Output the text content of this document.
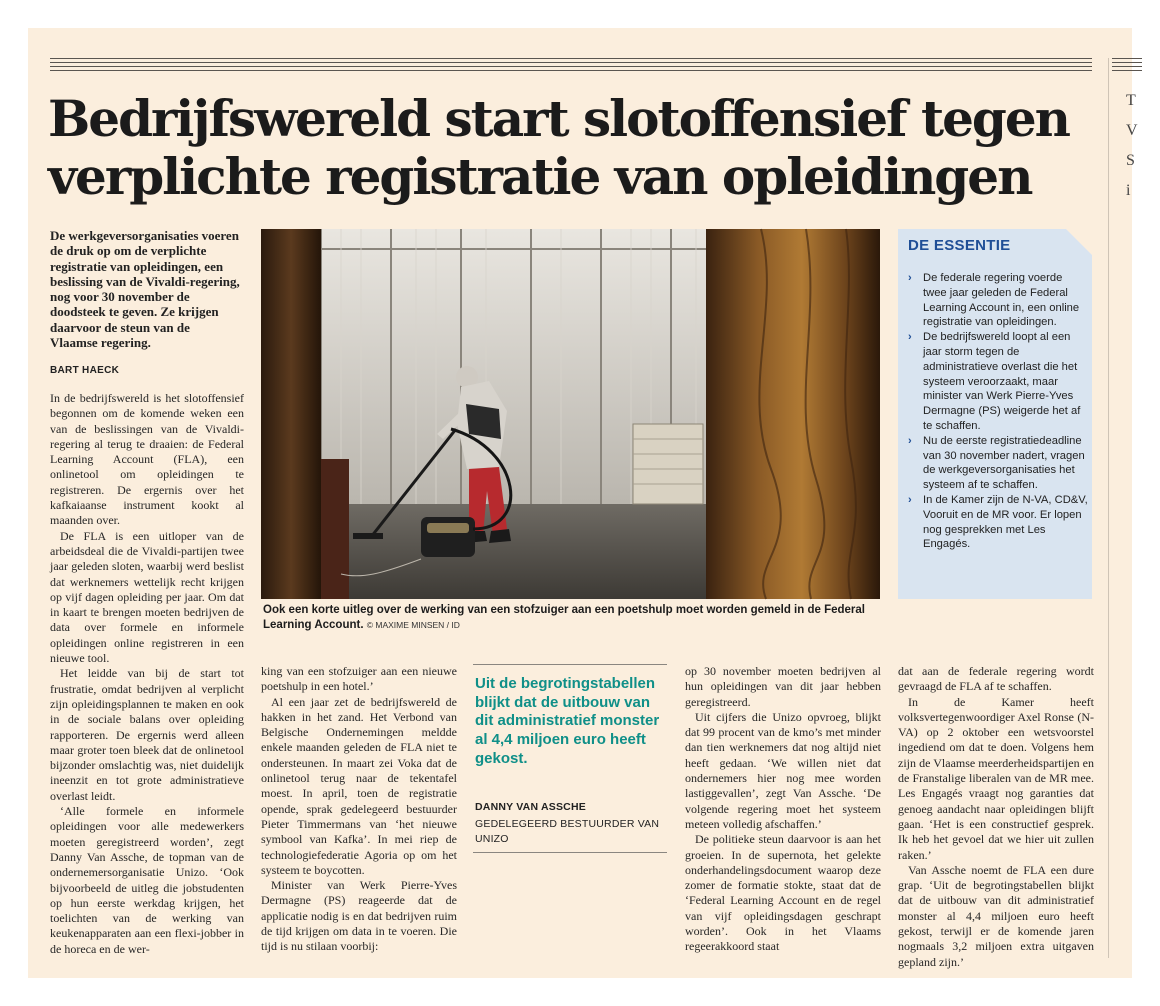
Bedrijfswereld start slotoffensief tegen
verplichte registratie van opleidingen
De werkgeversorganisaties voeren de druk op om de verplichte registratie van opleidingen, een beslissing van de Vivaldi-regering, nog voor 30 november de doodsteek te geven. Ze krijgen daarvoor de steun van de Vlaamse regering.
BART HAECK

In de bedrijfswereld is het slotoffensief begonnen om de komende weken een van de beslissingen van de Vivaldi-regering al terug te draaien: de Federal Learning Account (FLA), een onlinetool om opleidingen te registreren. De ergernis over het kafkaiaanse instrument kookt al maanden over.

De FLA is een uitloper van de arbeidsdeal die de Vivaldi-partijen twee jaar geleden sloten, waarbij werd beslist dat werknemers wettelijk recht krijgen op vijf dagen opleiding per jaar. Om dat in kaart te brengen moeten bedrijven de data over formele en informele opleidingen online registreren in een nieuwe tool.

Het leidde van bij de start tot frustratie, omdat bedrijven al verplicht zijn opleidingsplannen te maken en ook in de sociale balans over opleiding rapporteren. De ergernis werd alleen maar groter toen bleek dat de onlinetool bijzonder omslachtig was, niet duidelijk ineenzit en tot grote administratieve overlast leidt.

‘Alle formele en informele opleidingen voor alle medewerkers moeten geregistreerd worden’, zegt Danny Van Assche, de topman van de ondernemersorganisatie Unizo. ‘Ook bijvoorbeeld de uitleg die jobstudenten op hun eerste werkdag krijgen, het toelichten van de werking van keukenapparaten aan een flexi-jobber in de horeca en de wer-

Ook een korte uitleg over de werking van een stofzuiger aan een poetshulp moet worden gemeld in de Federal Learning Account. © MAXIME MINSEN / ID
DE ESSENTIE
› De federale regering voerde twee jaar geleden de Federal Learning Account in, een online registratie van opleidingen.
› De bedrijfswereld loopt al een jaar storm tegen de administratieve overlast die het systeem veroorzaakt, maar minister van Werk Pierre-Yves Dermagne (PS) weigerde het af te schaffen.
› Nu de eerste registratiedeadline van 30 november nadert, vragen de werkgeversorganisaties het systeem af te schaffen.
› In de Kamer zijn de N-VA, CD&V, Vooruit en de MR voor. Er lopen nog gesprekken met Les Engagés.

king van een stofzuiger aan een nieuwe poetshulp in een hotel.’

Al een jaar zet de bedrijfswereld de hakken in het zand. Het Verbond van Belgische Ondernemingen meldde enkele maanden geleden de FLA niet te ondersteunen. In maart zei Voka dat de onlinetool terug naar de tekentafel moest. In april, toen de registratie opende, sprak gedelegeerd bestuurder Pieter Timmermans van ‘het nieuwe symbool van Kafka’. In mei riep de technologiefederatie Agoria op om het systeem te boycotten.

Minister van Werk Pierre-Yves Dermagne (PS) reageerde dat de applicatie nodig is en dat bedrijven ruim de tijd krijgen om data in te voeren. Die tijd is nu stilaan voorbij:

Uit de begrotingstabellen blijkt dat de uitbouw van dit administratief monster al 4,4 miljoen euro heeft gekost.
DANNY VAN ASSCHE
GEDELEGEERD BESTUURDER VAN UNIZO

op 30 november moeten bedrijven al hun opleidingen van dit jaar hebben geregistreerd.

Uit cijfers die Unizo opvroeg, blijkt dat 99 procent van de kmo’s met minder dan tien werknemers dat nog altijd niet heeft gedaan. ‘We willen niet dat ondernemers hier nog mee worden lastiggevallen’, zegt Van Assche. ‘De volgende regering moet het systeem meteen volledig afschaffen.’

De politieke steun daarvoor is aan het groeien. In de supernota, het gelekte onderhandelingsdocument waarop deze zomer de formatie stokte, staat dat de ‘Federal Learning Account en de regel van vijf opleidingsdagen geschrapt worden’. Ook in het Vlaams regeerakkoord staat

dat aan de federale regering wordt gevraagd de FLA af te schaffen.

In de Kamer heeft volksvertegenwoordiger Axel Ronse (N-VA) op 2 oktober een wetsvoorstel ingediend om dat te doen. Volgens hem zijn de Vlaamse meerderheidspartijen en de Franstalige liberalen van de MR mee. Les Engagés vraagt nog garanties dat genoeg aandacht naar opleidingen blijft gaan. ‘Het is een constructief gesprek. Ik heb het gevoel dat we hier uit zullen raken.’

Van Assche noemt de FLA een dure grap. ‘Uit de begrotingstabellen blijkt dat de uitbouw van dit administratief monster al 4,4 miljoen euro heeft gekost, terwijl er de komende jaren nogmaals 3,2 miljoen extra uitgaven gepland zijn.’

T
V
S
i
